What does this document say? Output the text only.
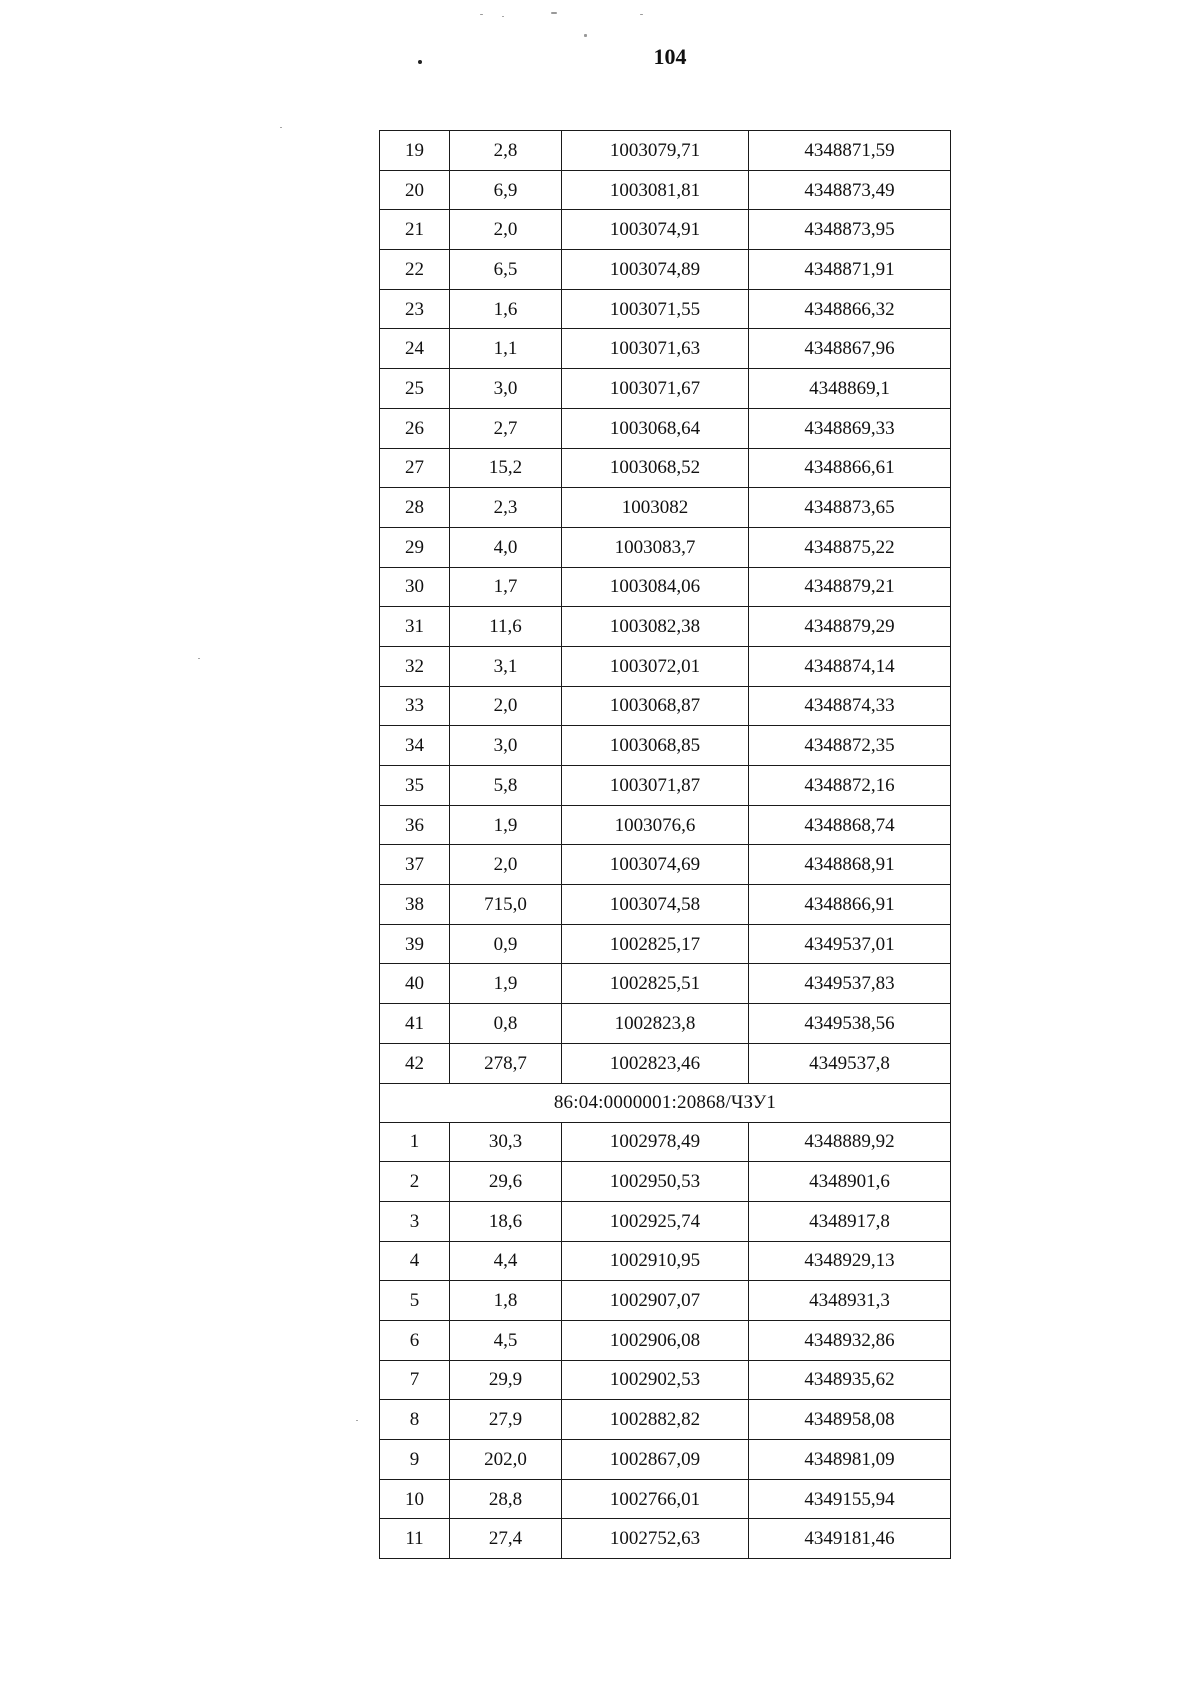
104
19	2,8	1003079,71	4348871,59
20	6,9	1003081,81	4348873,49
21	2,0	1003074,91	4348873,95
22	6,5	1003074,89	4348871,91
23	1,6	1003071,55	4348866,32
24	1,1	1003071,63	4348867,96
25	3,0	1003071,67	4348869,1
26	2,7	1003068,64	4348869,33
27	15,2	1003068,52	4348866,61
28	2,3	1003082	4348873,65
29	4,0	1003083,7	4348875,22
30	1,7	1003084,06	4348879,21
31	11,6	1003082,38	4348879,29
32	3,1	1003072,01	4348874,14
33	2,0	1003068,87	4348874,33
34	3,0	1003068,85	4348872,35
35	5,8	1003071,87	4348872,16
36	1,9	1003076,6	4348868,74
37	2,0	1003074,69	4348868,91
38	715,0	1003074,58	4348866,91
39	0,9	1002825,17	4349537,01
40	1,9	1002825,51	4349537,83
41	0,8	1002823,8	4349538,56
42	278,7	1002823,46	4349537,8
86:04:0000001:20868/ЧЗУ1			
1	30,3	1002978,49	4348889,92
2	29,6	1002950,53	4348901,6
3	18,6	1002925,74	4348917,8
4	4,4	1002910,95	4348929,13
5	1,8	1002907,07	4348931,3
6	4,5	1002906,08	4348932,86
7	29,9	1002902,53	4348935,62
8	27,9	1002882,82	4348958,08
9	202,0	1002867,09	4348981,09
10	28,8	1002766,01	4349155,94
11	27,4	1002752,63	4349181,46
